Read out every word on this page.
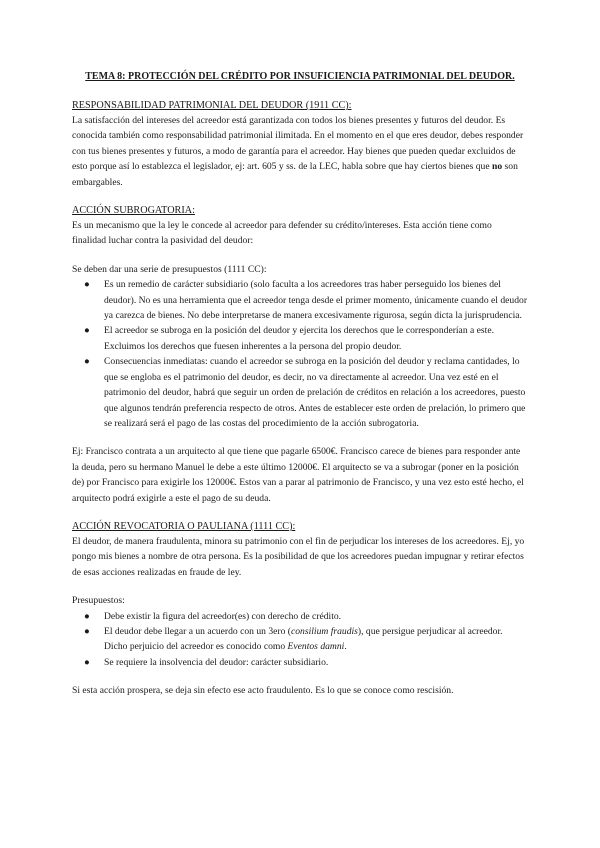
TEMA 8: PROTECCIÓN DEL CRÉDITO POR INSUFICIENCIA PATRIMONIAL DEL DEUDOR.

RESPONSABILIDAD PATRIMONIAL DEL DEUDOR (1911 CC):

La satisfacción del intereses del acreedor está garantizada con todos los bienes presentes y futuros del deudor. Es conocida también como responsabilidad patrimonial ilimitada. En el momento en el que eres deudor, debes responder con tus bienes presentes y futuros, a modo de garantía para el acreedor. Hay bienes que pueden quedar excluidos de esto porque así lo establezca el legislador, ej: art. 605 y ss. de la LEC, habla sobre que hay ciertos bienes que no son embargables.

ACCIÓN SUBROGATORIA:

Es un mecanismo que la ley le concede al acreedor para defender su crédito/intereses. Esta acción tiene como finalidad luchar contra la pasividad del deudor:

Se deben dar una serie de presupuestos (1111 CC):

● Es un remedio de carácter subsidiario (solo faculta a los acreedores tras haber perseguido los bienes del deudor). No es una herramienta que el acreedor tenga desde el primer momento, únicamente cuando el deudor ya carezca de bienes. No debe interpretarse de manera excesivamente rigurosa, según dicta la jurisprudencia.
● El acreedor se subroga en la posición del deudor y ejercita los derechos que le corresponderían a este. Excluimos los derechos que fuesen inherentes a la persona del propio deudor.
● Consecuencias inmediatas: cuando el acreedor se subroga en la posición del deudor y reclama cantidades, lo que se engloba es el patrimonio del deudor, es decir, no va directamente al acreedor. Una vez esté en el patrimonio del deudor, habrá que seguir un orden de prelación de créditos en relación a los acreedores, puesto que algunos tendrán preferencia respecto de otros. Antes de establecer este orden de prelación, lo primero que se realizará será el pago de las costas del procedimiento de la acción subrogatoria.

Ej: Francisco contrata a un arquitecto al que tiene que pagarle 6500€. Francisco carece de bienes para responder ante la deuda, pero su hermano Manuel le debe a este último 12000€. El arquitecto se va a subrogar (poner en la posición de) por Francisco para exigirle los 12000€. Estos van a parar al patrimonio de Francisco, y una vez esto esté hecho, el arquitecto podrá exigirle a este el pago de su deuda.

ACCIÓN REVOCATORIA O PAULIANA (1111 CC):

El deudor, de manera fraudulenta, minora su patrimonio con el fin de perjudicar los intereses de los acreedores. Ej, yo pongo mis bienes a nombre de otra persona. Es la posibilidad de que los acreedores puedan impugnar y retirar efectos de esas acciones realizadas en fraude de ley.

Presupuestos:

● Debe existir la figura del acreedor(es) con derecho de crédito.
● El deudor debe llegar a un acuerdo con un 3ero (consilium fraudis), que persigue perjudicar al acreedor. Dicho perjuicio del acreedor es conocido como Eventos damni.
● Se requiere la insolvencia del deudor: carácter subsidiario.

Si esta acción prospera, se deja sin efecto ese acto fraudulento. Es lo que se conoce como rescisión.
